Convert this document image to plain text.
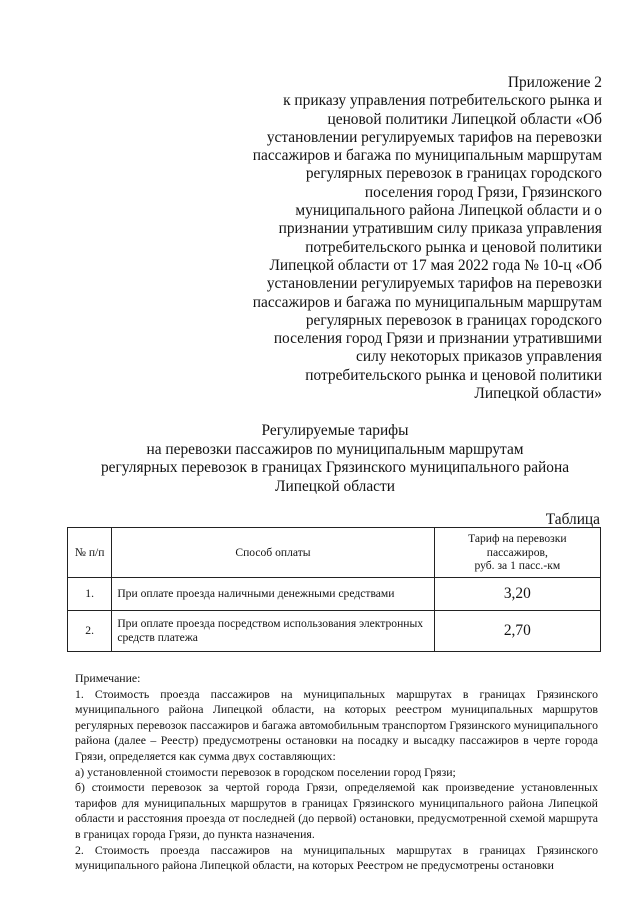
Приложение 2
к приказу управления потребительского рынка и
ценовой политики Липецкой области «Об
установлении регулируемых тарифов на перевозки
пассажиров и багажа по муниципальным маршрутам
регулярных перевозок в границах городского
поселения город Грязи, Грязинского
муниципального района Липецкой области и о
признании утратившим силу приказа управления
потребительского рынка и ценовой политики
Липецкой области от 17 мая 2022 года № 10-ц «Об
установлении регулируемых тарифов на перевозки
пассажиров и багажа по муниципальным маршрутам
регулярных перевозок в границах городского
поселения город Грязи и признании утратившими
силу некоторых приказов управления
потребительского рынка и ценовой политики
Липецкой области»
Регулируемые тарифы
на перевозки пассажиров по муниципальным маршрутам
регулярных перевозок в границах Грязинского муниципального района
Липецкой области
Таблица
№ п/п	Способ оплаты	Тариф на перевозки
пассажиров,
руб. за 1 пасс.-км

1.	При оплате проезда наличными денежными средствами	3,20
2.	При оплате проезда посредством использования электронных средств платежа	2,70
Примечание:
1. Стоимость проезда пассажиров на муниципальных маршрутах в границах Грязинского муниципального района Липецкой области, на которых реестром муниципальных маршрутов регулярных перевозок пассажиров и багажа автомобильным транспортом Грязинского муниципального района (далее – Реестр) предусмотрены остановки на посадку и высадку пассажиров в черте города Грязи, определяется как сумма двух составляющих:
а) установленной стоимости перевозок в городском поселении город Грязи;
б) стоимости перевозок за чертой города Грязи, определяемой как произведение установленных тарифов для муниципальных маршрутов в границах Грязинского муниципального района Липецкой области и расстояния проезда от последней (до первой) остановки, предусмотренной схемой маршрута в границах города Грязи, до пункта назначения.
2. Стоимость проезда пассажиров на муниципальных маршрутах в границах Грязинского муниципального района Липецкой области, на которых Реестром не предусмотрены остановки
